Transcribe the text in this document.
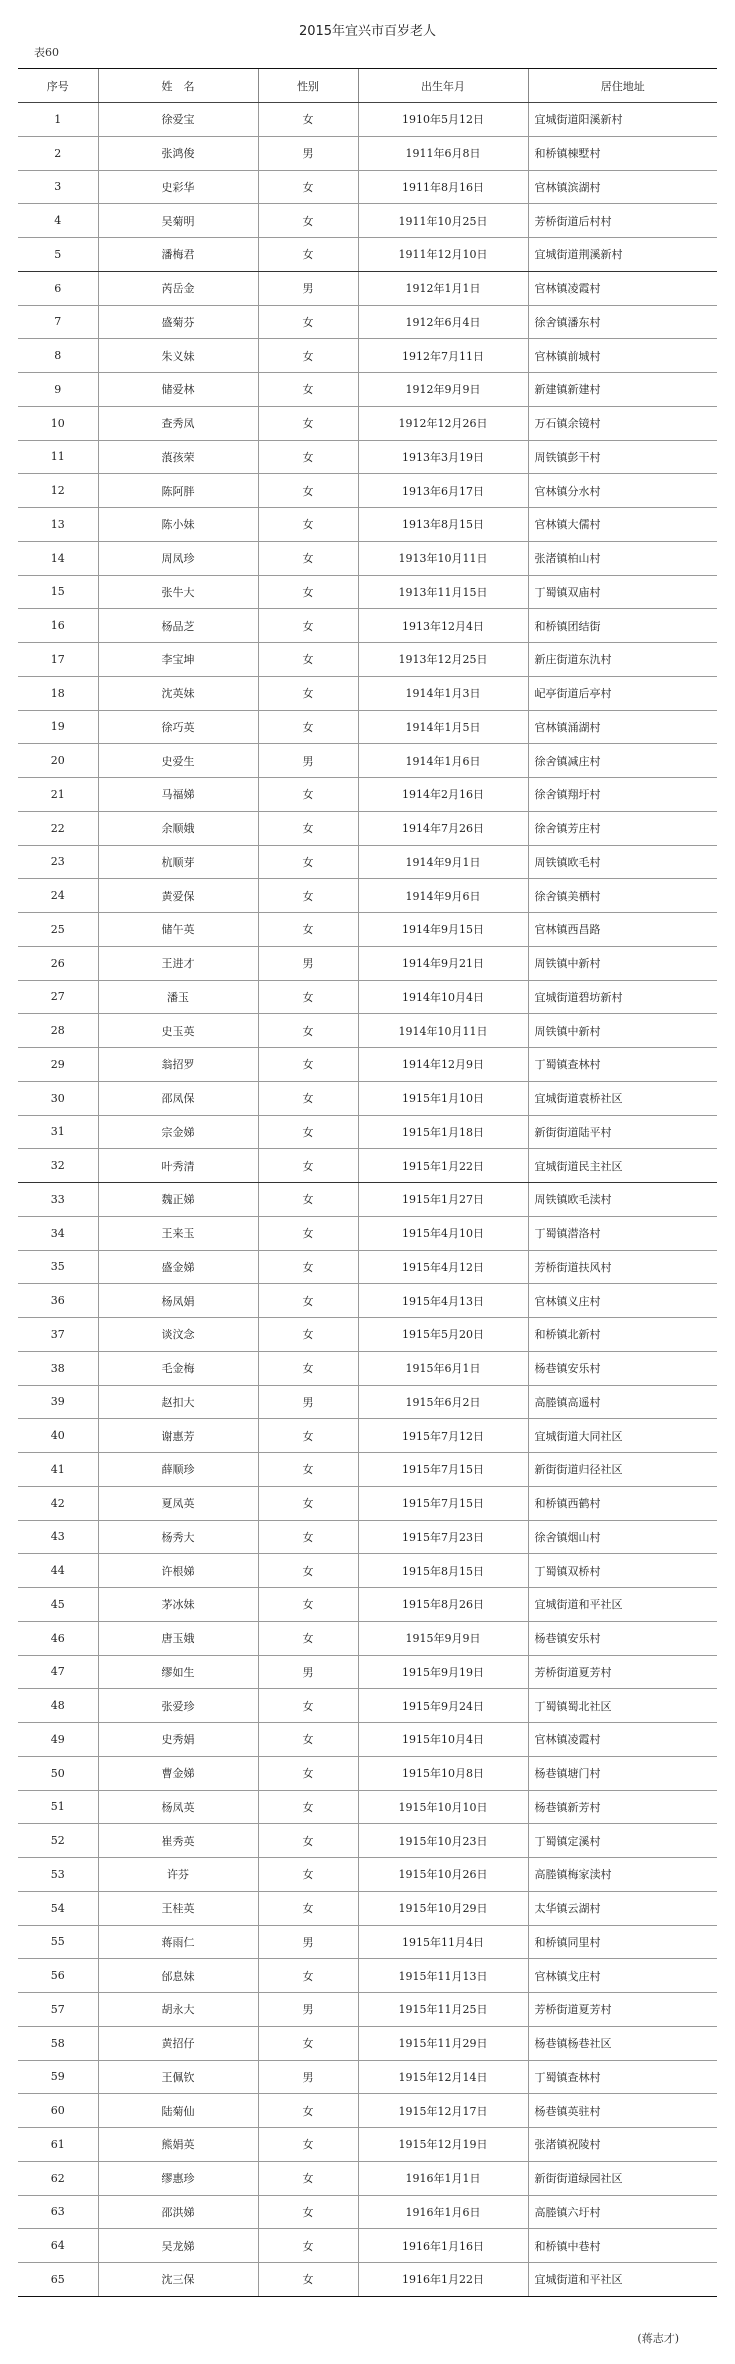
2015年宜兴市百岁老人
表60
序号	姓　名	性别	出生年月	居住地址
1	徐爱宝	女	1910年5月12日	宜城街道阳溪新村
2	张鸿俊	男	1911年6月8日	和桥镇棟墅村
3	史彩华	女	1911年8月16日	官林镇滨湖村
4	吴菊明	女	1911年10月25日	芳桥街道后村村
5	潘梅君	女	1911年12月10日	宜城街道荆溪新村
6	芮岳金	男	1912年1月1日	官林镇凌霞村
7	盛菊芬	女	1912年6月4日	徐舍镇潘东村
8	朱义妹	女	1912年7月11日	官林镇前城村
9	储爱林	女	1912年9月9日	新建镇新建村
10	查秀凤	女	1912年12月26日	万石镇余镜村
11	蒗孩荣	女	1913年3月19日	周铁镇彭干村
12	陈阿胖	女	1913年6月17日	官林镇分水村
13	陈小妹	女	1913年8月15日	官林镇大儒村
14	周凤珍	女	1913年10月11日	张渚镇柏山村
15	张牛大	女	1913年11月15日	丁蜀镇双庙村
16	杨品芝	女	1913年12月4日	和桥镇团结街
17	李宝坤	女	1913年12月25日	新庄街道东氿村
18	沈英妹	女	1914年1月3日	屺亭街道后亭村
19	徐巧英	女	1914年1月5日	官林镇涌湖村
20	史爱生	男	1914年1月6日	徐舍镇减庄村
21	马福娣	女	1914年2月16日	徐舍镇翔圩村
22	余顺娥	女	1914年7月26日	徐舍镇芳庄村
23	杭顺芽	女	1914年9月1日	周铁镇欧毛村
24	黄爱保	女	1914年9月6日	徐舍镇美栖村
25	储午英	女	1914年9月15日	官林镇西昌路
26	王进才	男	1914年9月21日	周铁镇中新村
27	潘玉	女	1914年10月4日	宜城街道碧坊新村
28	史玉英	女	1914年10月11日	周铁镇中新村
29	翁招罗	女	1914年12月9日	丁蜀镇查林村
30	邵凤保	女	1915年1月10日	宜城街道袁桥社区
31	宗金娣	女	1915年1月18日	新街街道陆平村
32	叶秀清	女	1915年1月22日	宜城街道民主社区
33	魏正娣	女	1915年1月27日	周铁镇欧毛渎村
34	王来玉	女	1915年4月10日	丁蜀镇潜洛村
35	盛金娣	女	1915年4月12日	芳桥街道扶风村
36	杨凤娟	女	1915年4月13日	官林镇义庄村
37	谈汶念	女	1915年5月20日	和桥镇北新村
38	毛金梅	女	1915年6月1日	杨巷镇安乐村
39	赵扣大	男	1915年6月2日	高塍镇高遥村
40	谢惠芳	女	1915年7月12日	宜城街道大同社区
41	薛顺珍	女	1915年7月15日	新街街道归径社区
42	夏凤英	女	1915年7月15日	和桥镇西鹤村
43	杨秀大	女	1915年7月23日	徐舍镇烟山村
44	许根娣	女	1915年8月15日	丁蜀镇双桥村
45	茅冰妹	女	1915年8月26日	宜城街道和平社区
46	唐玉娥	女	1915年9月9日	杨巷镇安乐村
47	缪如生	男	1915年9月19日	芳桥街道夏芳村
48	张爱珍	女	1915年9月24日	丁蜀镇蜀北社区
49	史秀娟	女	1915年10月4日	官林镇凌霞村
50	曹金娣	女	1915年10月8日	杨巷镇塘门村
51	杨凤英	女	1915年10月10日	杨巷镇新芳村
52	崔秀英	女	1915年10月23日	丁蜀镇定溪村
53	许芬	女	1915年10月26日	高塍镇梅家渎村
54	王桂英	女	1915年10月29日	太华镇云湖村
55	蒋雨仁	男	1915年11月4日	和桥镇同里村
56	邰息妹	女	1915年11月13日	官林镇戈庄村
57	胡永大	男	1915年11月25日	芳桥街道夏芳村
58	黄招仔	女	1915年11月29日	杨巷镇杨巷社区
59	王佩钦	男	1915年12月14日	丁蜀镇查林村
60	陆菊仙	女	1915年12月17日	杨巷镇英驻村
61	熊娟英	女	1915年12月19日	张渚镇祝陵村
62	缪惠珍	女	1916年1月1日	新街街道绿园社区
63	邵洪娣	女	1916年1月6日	高塍镇六圩村
64	吴龙娣	女	1916年1月16日	和桥镇中巷村
65	沈三保	女	1916年1月22日	宜城街道和平社区
(蒋志才)
